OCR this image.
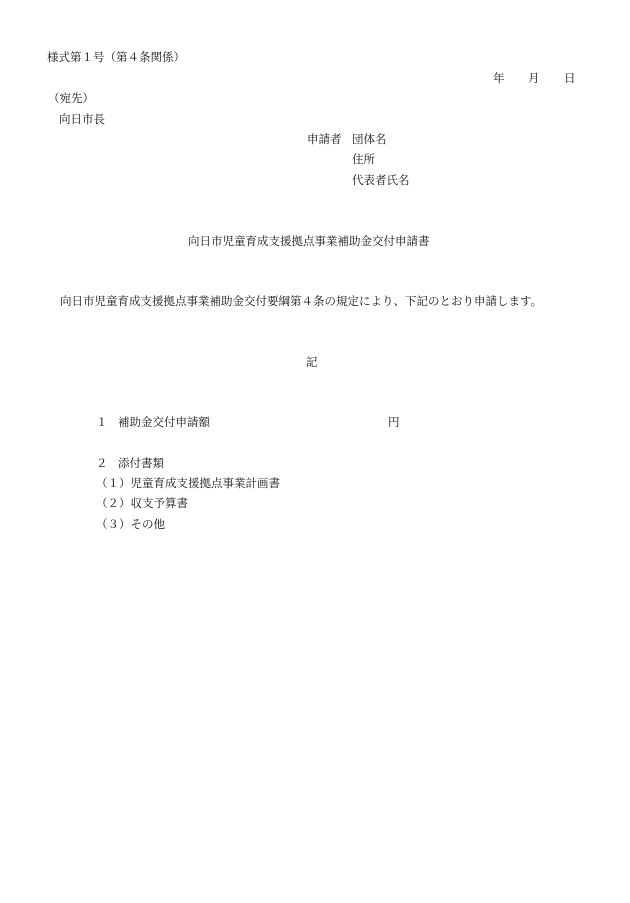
様式第１号（第４条関係）
年 月 日
（宛先）
向日市長
申請者 団体名
住所
代表者氏名
向日市児童育成支援拠点事業補助金交付申請書
向日市児童育成支援拠点事業補助金交付要綱第４条の規定により、下記のとおり申請します。
記
１ 補助金交付申請額	円
２ 添付書類
（１）児童育成支援拠点事業計画書
（２）収支予算書
（３）その他
